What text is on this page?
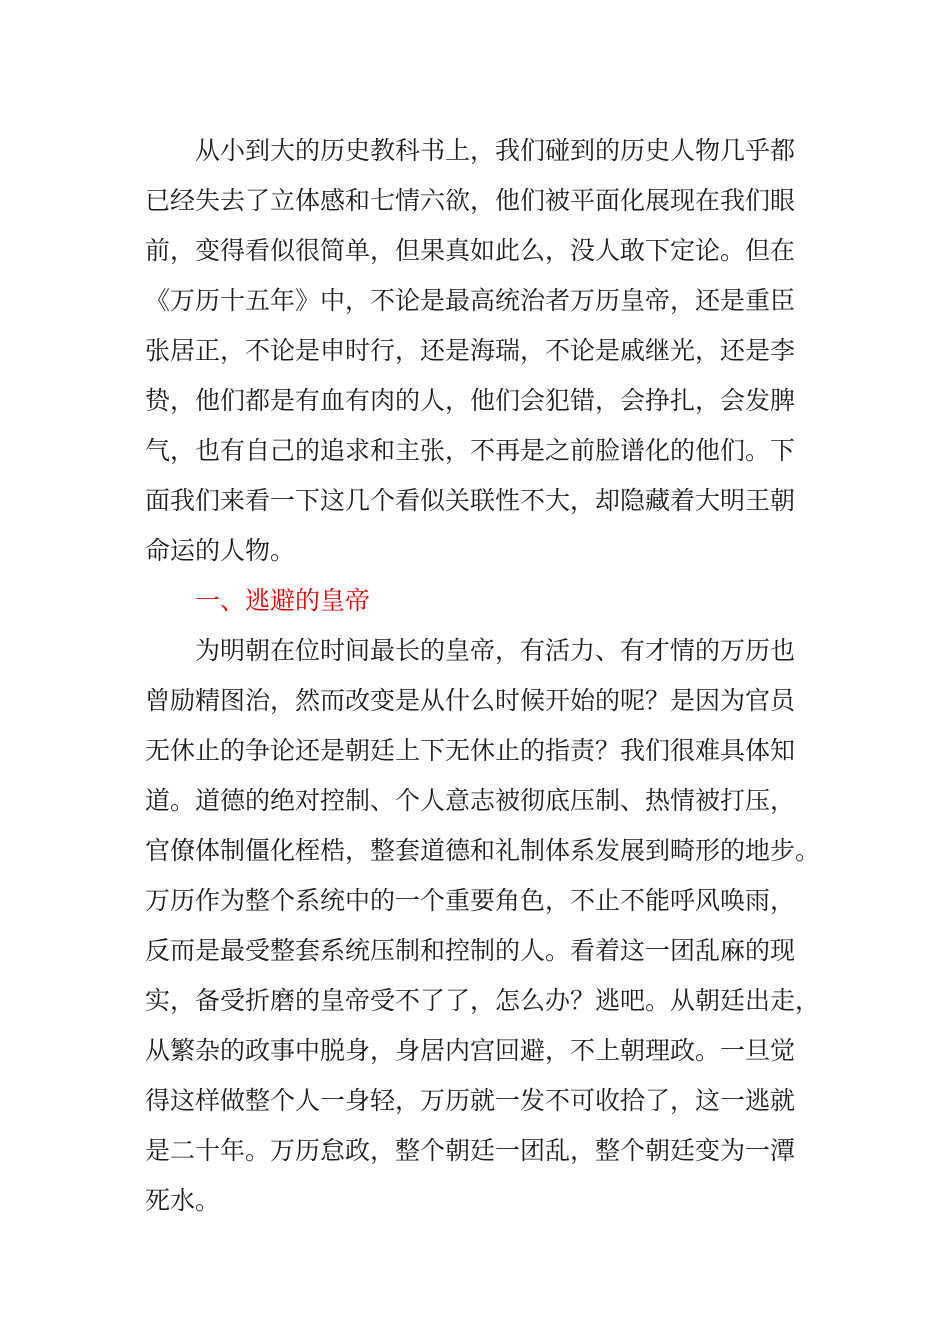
从小到大的历史教科书上，我们碰到的历史人物几乎都
已经失去了立体感和七情六欲，他们被平面化展现在我们眼
前，变得看似很简单，但果真如此么，没人敢下定论。但在
《万历十五年》中，不论是最高统治者万历皇帝，还是重臣
张居正，不论是申时行，还是海瑞，不论是戚继光，还是李
贽，他们都是有血有肉的人，他们会犯错，会挣扎，会发脾
气，也有自己的追求和主张，不再是之前脸谱化的他们。下
面我们来看一下这几个看似关联性不大，却隐藏着大明王朝
命运的人物。
一、逃避的皇帝
为明朝在位时间最长的皇帝，有活力、有才情的万历也
曾励精图治，然而改变是从什么时候开始的呢？是因为官员
无休止的争论还是朝廷上下无休止的指责？我们很难具体知
道。道德的绝对控制、个人意志被彻底压制、热情被打压，
官僚体制僵化桎梏，整套道德和礼制体系发展到畸形的地步。
万历作为整个系统中的一个重要角色，不止不能呼风唤雨，
反而是最受整套系统压制和控制的人。看着这一团乱麻的现
实，备受折磨的皇帝受不了了，怎么办？逃吧。从朝廷出走，
从繁杂的政事中脱身，身居内宫回避，不上朝理政。一旦觉
得这样做整个人一身轻，万历就一发不可收拾了，这一逃就
是二十年。万历怠政，整个朝廷一团乱，整个朝廷变为一潭
死水。
